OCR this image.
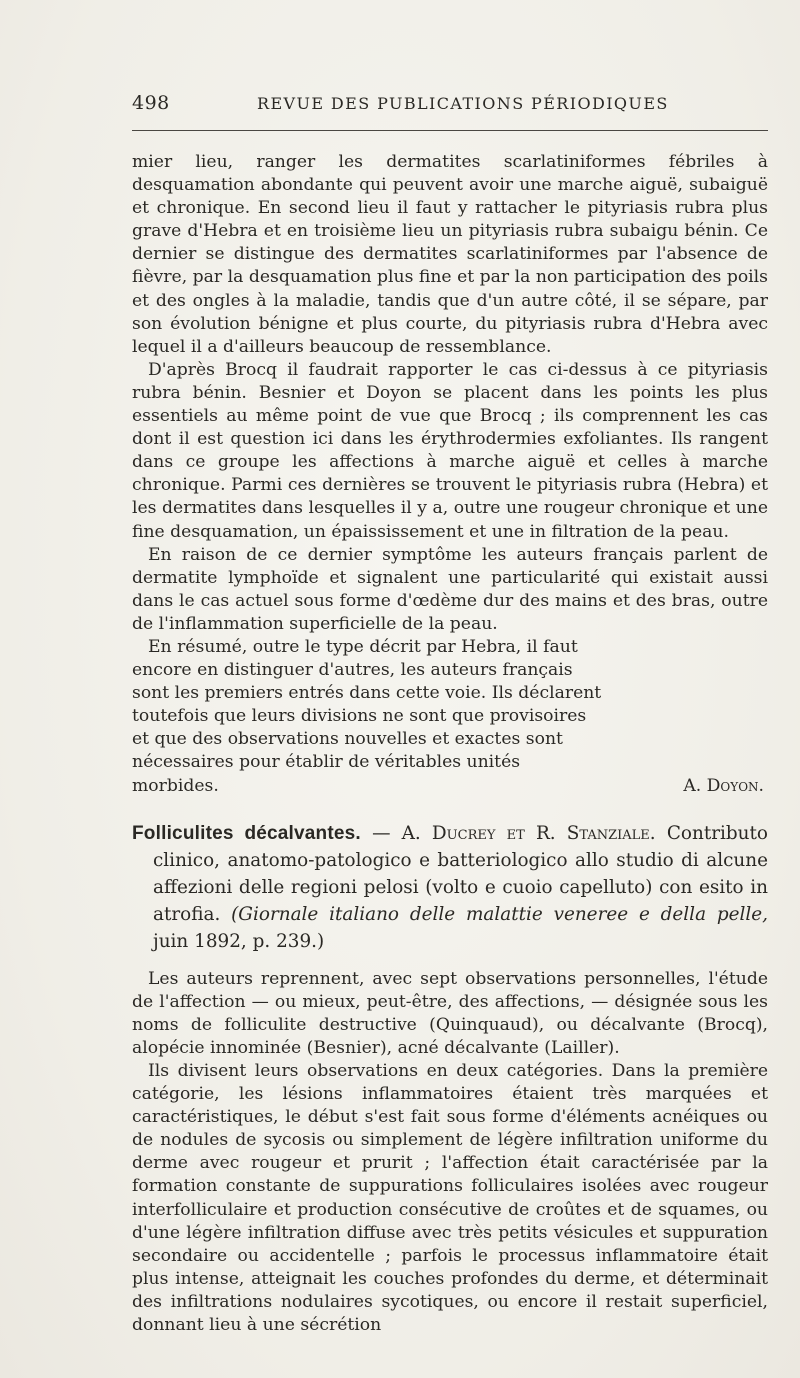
498	REVUE DES PUBLICATIONS PÉRIODIQUES

mier lieu, ranger les dermatites scarlatiniformes fébriles à desquamation abondante qui peuvent avoir une marche aiguë, subaiguë et chronique. En second lieu il faut y rattacher le pityriasis rubra plus grave d'Hebra et en troisième lieu un pityriasis rubra subaigu bénin. Ce dernier se distingue des dermatites scarlatiniformes par l'absence de fièvre, par la desquamation plus fine et par la non participation des poils et des ongles à la maladie, tandis que d'un autre côté, il se sépare, par son évolution bénigne et plus courte, du pityriasis rubra d'Hebra avec lequel il a d'ailleurs beaucoup de ressemblance.

D'après Brocq il faudrait rapporter le cas ci-dessus à ce pityriasis rubra bénin. Besnier et Doyon se placent dans les points les plus essentiels au même point de vue que Brocq ; ils comprennent les cas dont il est question ici dans les érythrodermies exfoliantes. Ils rangent dans ce groupe les affections à marche aiguë et celles à marche chronique. Parmi ces dernières se trouvent le pityriasis rubra (Hebra) et les dermatites dans lesquelles il y a, outre une rougeur chronique et une fine desquamation, un épaississement et une in filtration de la peau.

En raison de ce dernier symptôme les auteurs français parlent de dermatite lymphoïde et signalent une particularité qui existait aussi dans le cas actuel sous forme d'œdème dur des mains et des bras, outre de l'inflammation superficielle de la peau.

En résumé, outre le type décrit par Hebra, il faut encore en distinguer d'autres, les auteurs français sont les premiers entrés dans cette voie. Ils déclarent toutefois que leurs divisions ne sont que provisoires et que des observations nouvelles et exactes sont nécessaires pour établir de véritables unités morbides.	A. Doyon.
Folliculites décalvantes. — A. Ducrey et R. Stanziale. Contributo clinico, anatomo-patologico e batteriologico allo studio di alcune affezioni delle regioni pelosi (volto e cuoio capelluto) con esito in atrofia. (Giornale italiano delle malattie veneree e della pelle, juin 1892, p. 239.)

Les auteurs reprennent, avec sept observations personnelles, l'étude de l'affection — ou mieux, peut-être, des affections, — désignée sous les noms de folliculite destructive (Quinquaud), ou décalvante (Brocq), alopécie innominée (Besnier), acné décalvante (Lailler).

Ils divisent leurs observations en deux catégories. Dans la première catégorie, les lésions inflammatoires étaient très marquées et caractéristiques, le début s'est fait sous forme d'éléments acnéiques ou de nodules de sycosis ou simplement de légère infiltration uniforme du derme avec rougeur et prurit ; l'affection était caractérisée par la formation constante de suppurations folliculaires isolées avec rougeur interfolliculaire et production consécutive de croûtes et de squames, ou d'une légère infiltration diffuse avec très petits vésicules et suppuration secondaire ou accidentelle ; parfois le processus inflammatoire était plus intense, atteignait les couches profondes du derme, et déterminait des infiltrations nodulaires sycotiques, ou encore il restait superficiel, donnant lieu à une sécrétion
